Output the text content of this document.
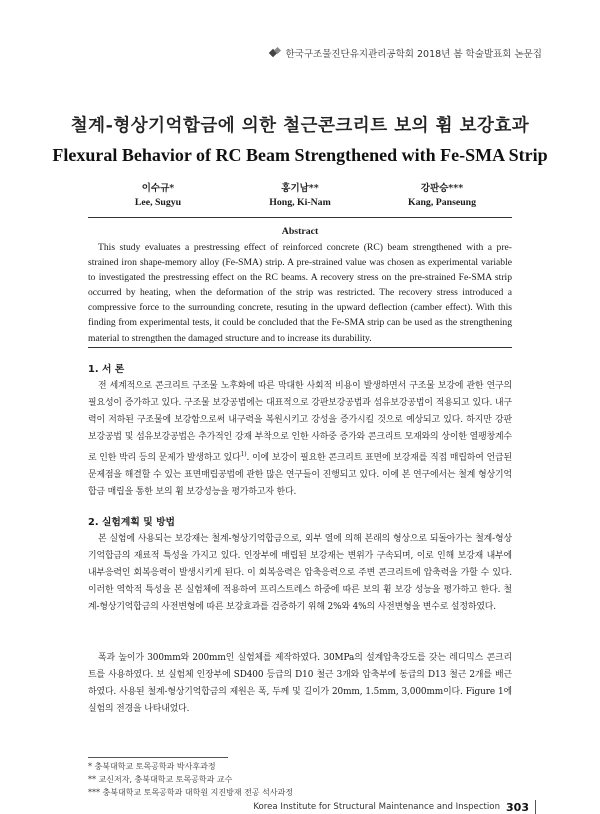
한국구조물진단유지관리공학회 2018년 봄 학술발표회 논문집
철계-형상기억합금에 의한 철근콘크리트 보의 휨 보강효과
Flexural Behavior of RC Beam Strengthened with Fe-SMA Strip
이수규*
Lee, Sugyu
홍기남**
Hong, Ki-Nam
강판승***
Kang, Panseung
Abstract
This study evaluates a prestressing effect of reinforced concrete (RC) beam strengthened with a pre-strained iron shape-memory alloy (Fe-SMA) strip. A pre-strained value was chosen as experimental variable to investigated the prestressing effect on the RC beams. A recovery stress on the pre-strained Fe-SMA strip occurred by heating, when the deformation of the strip was restricted. The recovery stress introduced a compressive force to the surrounding concrete, resuting in the upward deflection (camber effect). With this finding from experimental tests, it could be concluded that the Fe-SMA strip can be used as the strengthening material to strengthen the damaged structure and to increase its durability.
1. 서 론
전 세계적으로 콘크리트 구조물 노후화에 따른 막대한 사회적 비용이 발생하면서 구조물 보강에 관한 연구의 필요성이 증가하고 있다. 구조물 보강공법에는 대표적으로 강판보강공법과 섬유보강공법이 적용되고 있다. 내구력이 저하된 구조물에 보강함으로써 내구력을 복원시키고 강성을 증가시킬 것으로 예상되고 있다. 하지만 강판보강공법 및 섬유보강공법은 추가적인 강재 부착으로 인한 사하중 증가와 콘크리트 모재와의 상이한 열팽창계수로 인한 박리 등의 문제가 발생하고 있다$^{1)}$. 이에 보강이 필요한 콘크리트 표면에 보강재를 직접 매립하여 언급된 문제점을 해결할 수 있는 표면매립공법에 관한 많은 연구들이 진행되고 있다. 이에 본 연구에서는 철계 형상기억합금 매립을 통한 보의 휨 보강성능을 평가하고자 한다.
2. 실험계획 및 방법
본 실험에 사용되는 보강재는 철계-형상기억합금으로, 외부 열에 의해 본래의 형상으로 되돌아가는 철계-형상기억합금의 재료적 특성을 가지고 있다. 인장부에 매립된 보강재는 변위가 구속되며, 이로 인해 보강재 내부에 내부응력인 회복응력이 발생시키게 된다. 이 회복응력은 압축응력으로 주변 콘크리트에 압축력을 가할 수 있다. 이러한 역학적 특성을 본 실험체에 적용하여 프리스트레스 하중에 따른 보의 휨 보강 성능을 평가하고 한다. 철계-형상기억합금의 사전변형에 따른 보강효과를 검증하기 위해 2%와 4%의 사전변형을 변수로 설정하였다.
폭과 높이가 300mm와 200mm인 실험체를 제작하였다. 30MPa의 설계압축강도를 갖는 레디믹스 콘크리트를 사용하였다. 보 실험체 인장부에 SD400 등급의 D10 철근 3개와 압축부에 동급의 D13 철근 2개를 배근하였다. 사용된 철계-형상기억합금의 제원은 폭, 두께 및 길이가 20mm, 1.5mm, 3,000mm이다. Figure 1에 실험의 전경을 나타내었다.
* 충북대학교 토목공학과 박사후과정
** 교신저자, 충북대학교 토목공학과 교수
*** 충북대학교 토목공학과 대학원 지진방재 전공 석사과정
Korea Institute for Structural Maintenance and Inspection 303
